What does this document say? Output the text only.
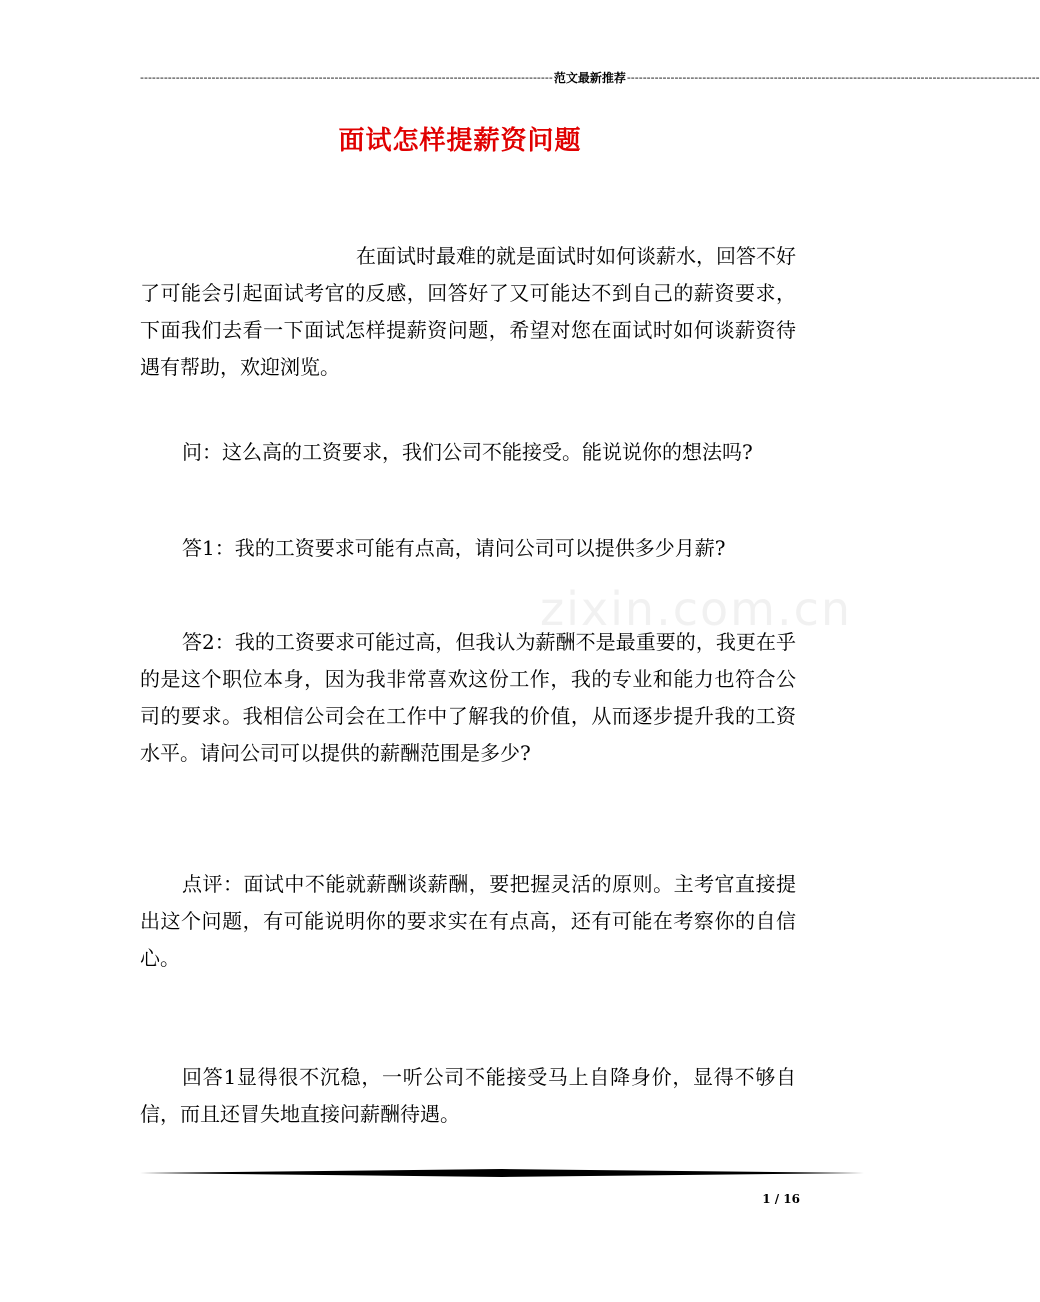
-------------------------------------------------------------------------------------------------------- 范文最新推荐 --------------------------------------------------------------------------------------------------------
面试怎样提薪资问题
zixin.com.cn
在面试时最难的就是面试时如何谈薪水，回答不好了可能会引起面试考官的反感，回答好了又可能达不到自己的薪资要求，下面我们去看一下面试怎样提薪资问题，希望对您在面试时如何谈薪资待遇有帮助，欢迎浏览。

问：这么高的工资要求，我们公司不能接受。能说说你的想法吗?

答1：我的工资要求可能有点高，请问公司可以提供多少月薪?

答2：我的工资要求可能过高，但我认为薪酬不是最重要的，我更在乎的是这个职位本身，因为我非常喜欢这份工作，我的专业和能力也符合公司的要求。我相信公司会在工作中了解我的价值，从而逐步提升我的工资水平。请问公司可以提供的薪酬范围是多少?

点评：面试中不能就薪酬谈薪酬，要把握灵活的原则。主考官直接提出这个问题，有可能说明你的要求实在有点高，还有可能在考察你的自信心。

回答1显得很不沉稳，一听公司不能接受马上自降身价，显得不够自信，而且还冒失地直接问薪酬待遇。

1 / 16
